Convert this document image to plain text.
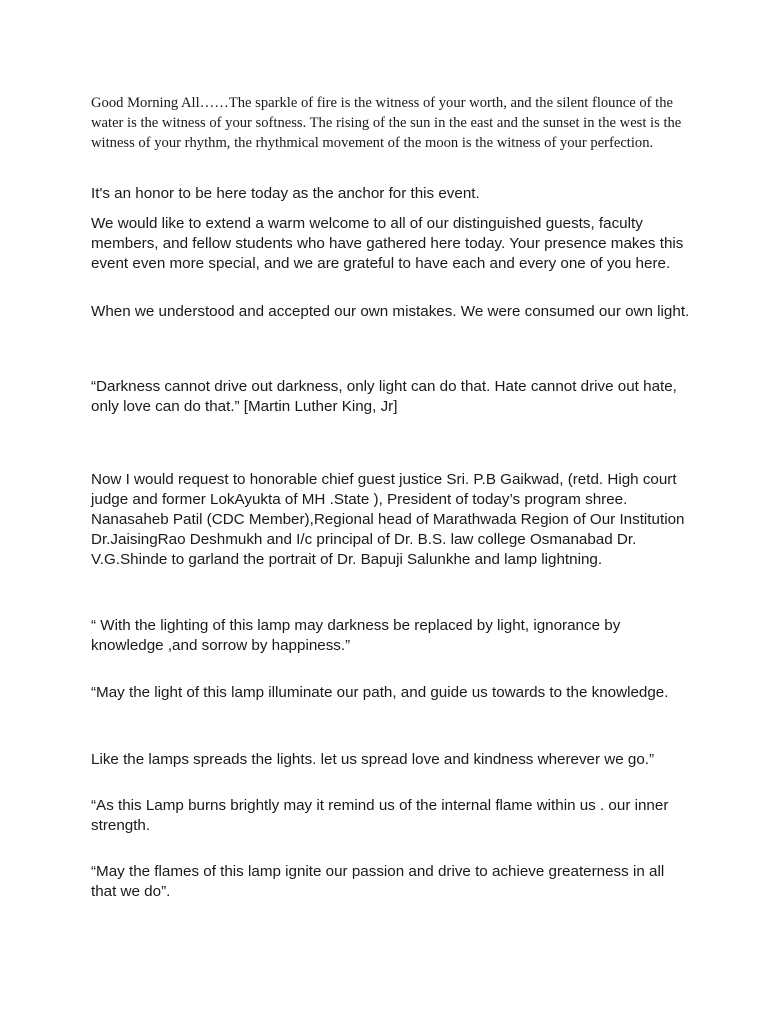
Good Morning All……The sparkle of fire is the witness of your worth, and the silent flounce of the water is the witness of your softness. The rising of the sun in the east and the sunset in the west is the witness of your rhythm, the rhythmical movement of the moon is the witness of your perfection.

It's an honor to be here today as the anchor for this event.

We would like to extend a warm welcome to all of our distinguished guests, faculty members, and fellow students who have gathered here today. Your presence makes this event even more special, and we are grateful to have each and every one of you here.

When we understood and accepted our own mistakes. We were consumed our own light.

“Darkness cannot drive out darkness, only light can do that. Hate cannot drive out hate, only love can do that.” [Martin Luther King, Jr]

Now I would request to honorable chief guest justice Sri. P.B Gaikwad, (retd. High court judge and former LokAyukta of MH .State ), President of today’s program shree. Nanasaheb Patil (CDC Member),Regional head of Marathwada Region of Our Institution Dr.JaisingRao Deshmukh and I/c principal of Dr. B.S. law college Osmanabad Dr. V.G.Shinde to garland the portrait of Dr. Bapuji Salunkhe and lamp lightning.

“ With the lighting of this lamp may darkness be replaced by light, ignorance by knowledge ,and sorrow by happiness.”

“May the light of this lamp illuminate our path, and guide us towards to the knowledge.

Like the lamps spreads the lights. let us spread love and kindness wherever we go.”

“As this Lamp burns brightly may it remind us of the internal flame within us . our inner strength.

“May the flames of this lamp ignite our passion and drive to achieve greaterness in all that we do”.
